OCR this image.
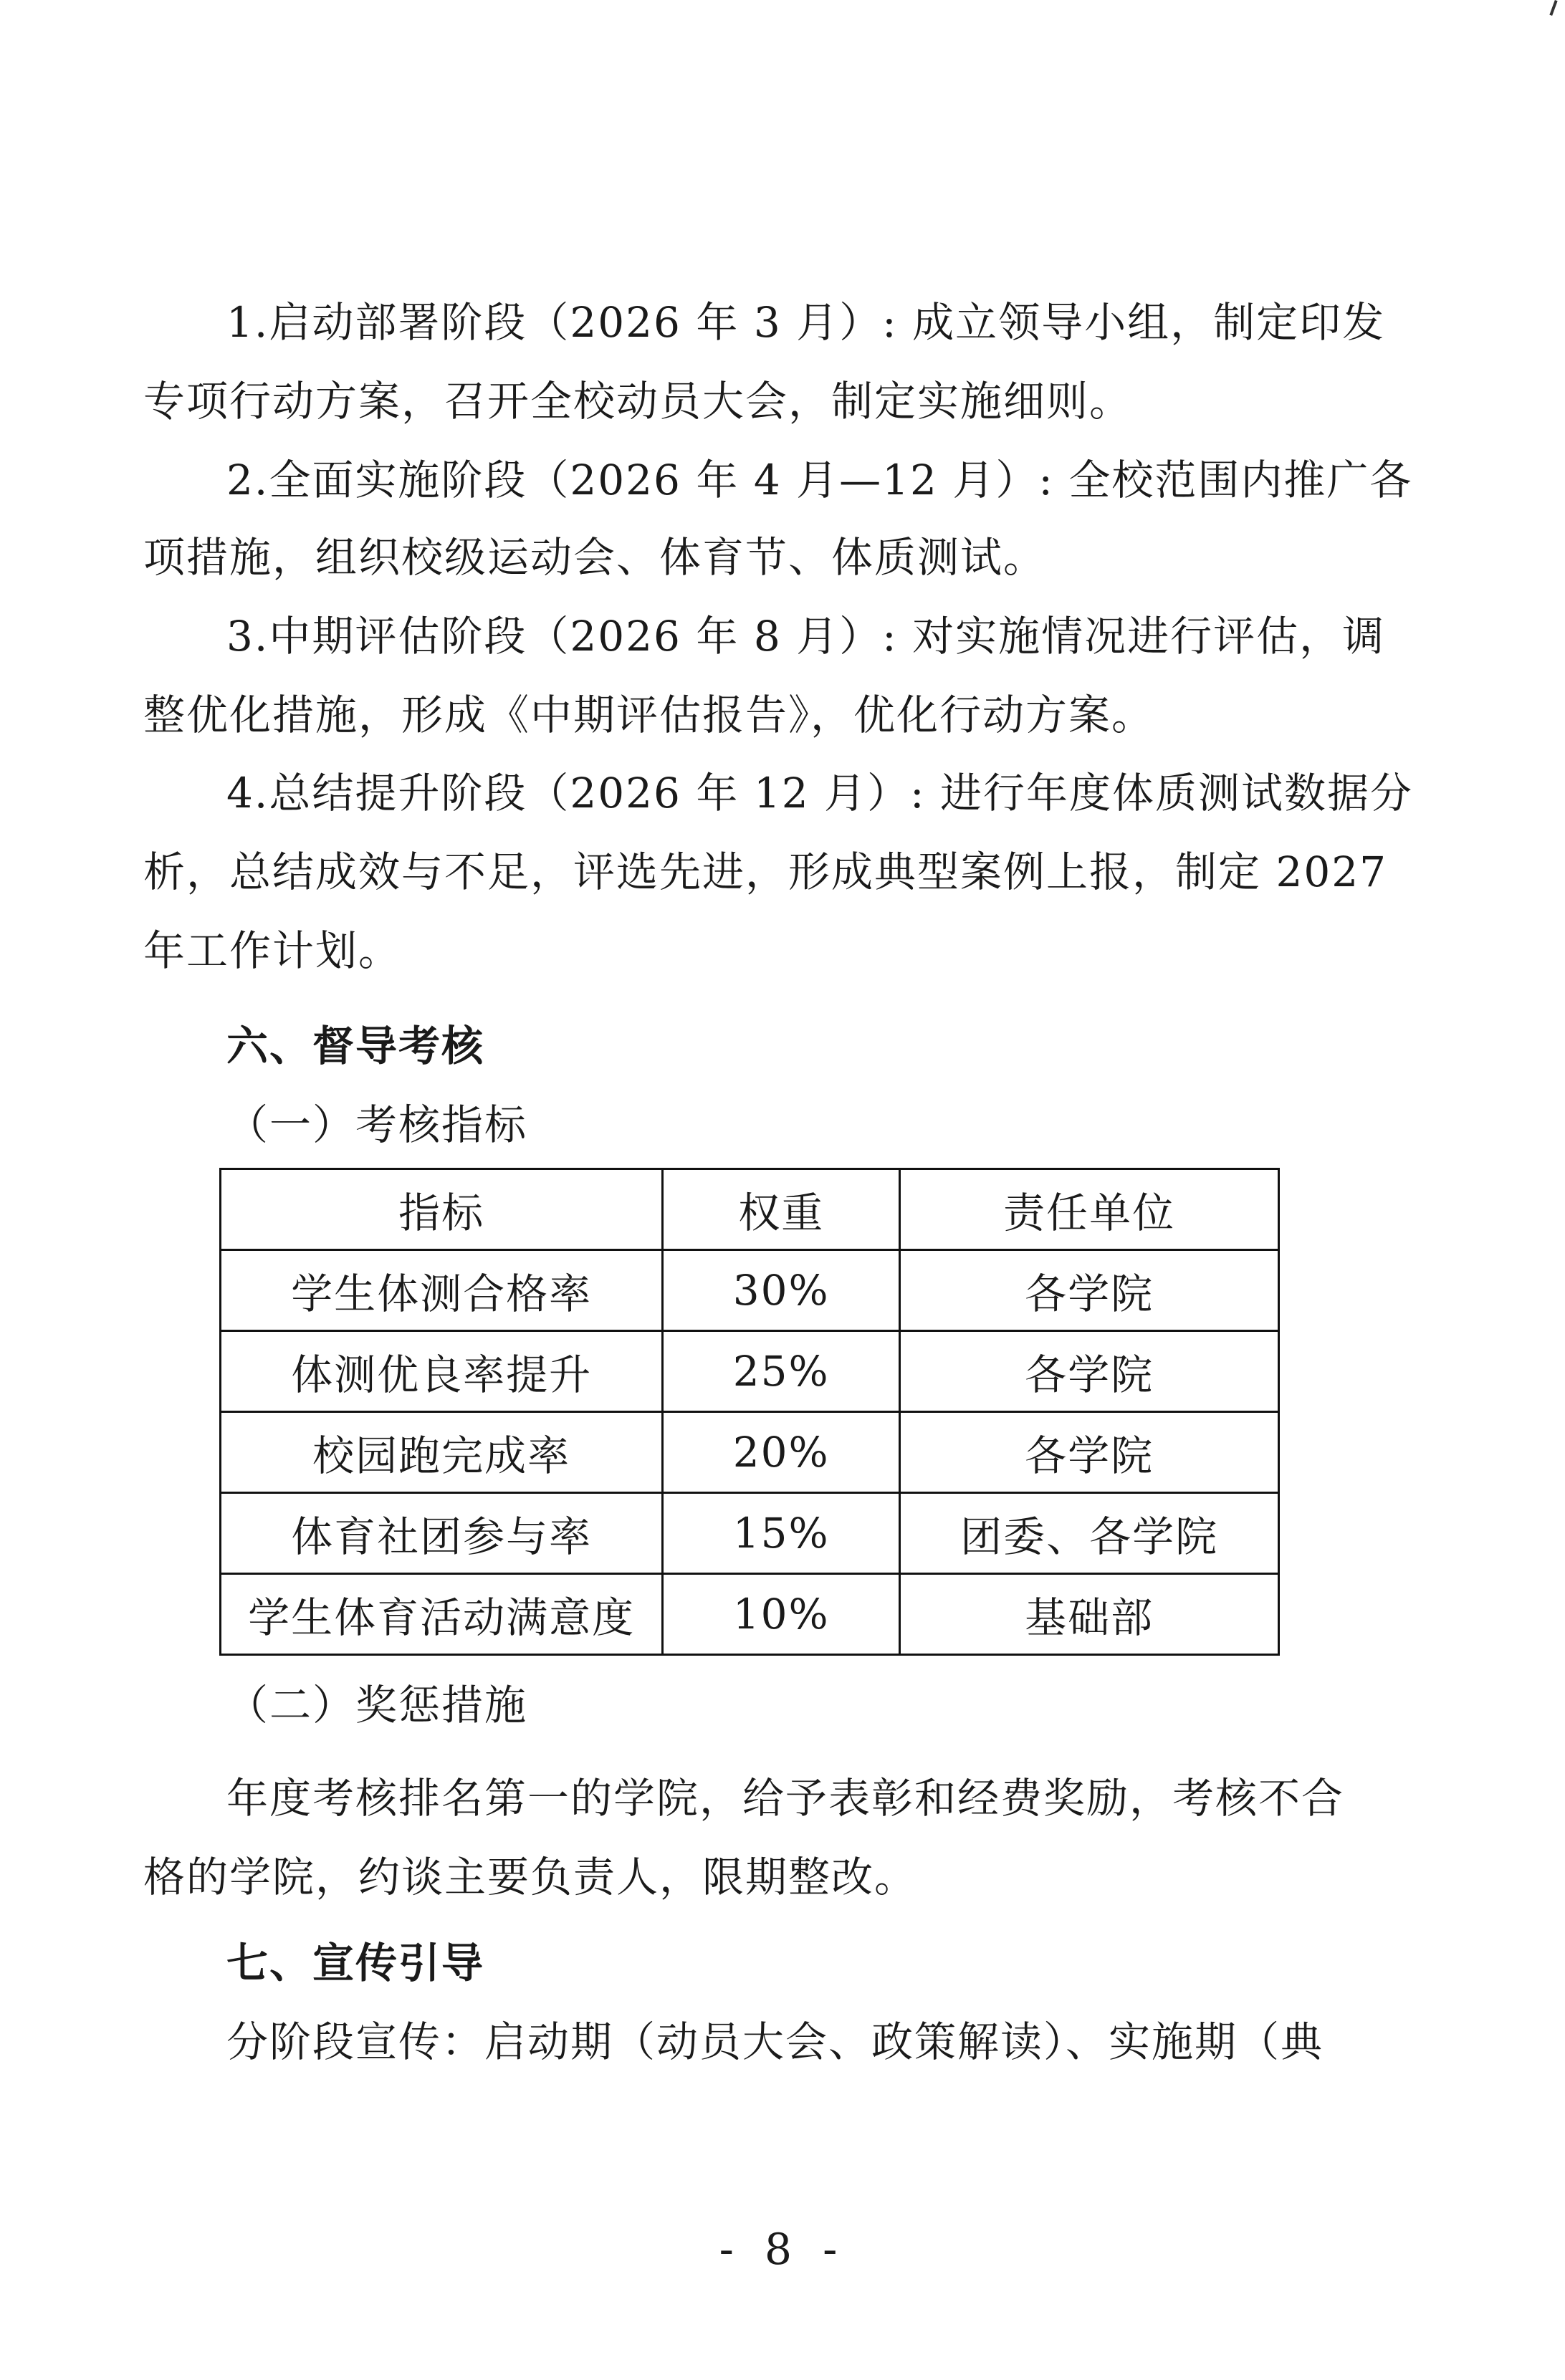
1.启动部署阶段（2026 年 3 月）: 成立领导小组，制定印发
专项行动方案，召开全校动员大会，制定实施细则。
2.全面实施阶段（2026 年 4 月—12 月）: 全校范围内推广各
项措施，组织校级运动会、体育节、体质测试。
3.中期评估阶段（2026 年 8 月）: 对实施情况进行评估，调
整优化措施，形成《中期评估报告》，优化行动方案。
4.总结提升阶段（2026 年 12 月）: 进行年度体质测试数据分
析，总结成效与不足，评选先进，形成典型案例上报，制定 2027
年工作计划。
六、督导考核
（一）考核指标
指标	权重	责任单位
学生体测合格率	30%	各学院
体测优良率提升	25%	各学院
校园跑完成率	20%	各学院
体育社团参与率	15%	团委、各学院
学生体育活动满意度	10%	基础部
（二）奖惩措施
年度考核排名第一的学院，给予表彰和经费奖励，考核不合
格的学院，约谈主要负责人，限期整改。
七、宣传引导
分阶段宣传：启动期（动员大会、政策解读）、实施期（典
- 8 -
